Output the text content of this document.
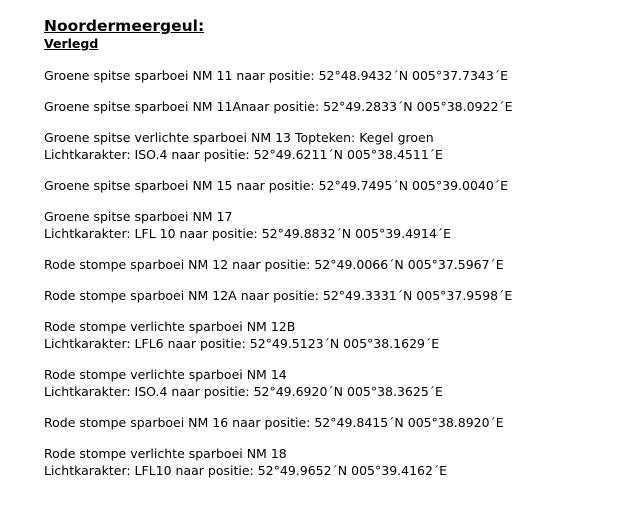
Noordermeergeul:
Verlegd
Groene spitse sparboei NM 11 naar positie: 52°48.9432´N 005°37.7343´E
Groene spitse sparboei NM 11Anaar positie: 52°49.2833´N 005°38.0922´E
Groene spitse verlichte sparboei NM 13 Topteken: Kegel groen
Lichtkarakter: ISO.4 naar positie: 52°49.6211´N 005°38.4511´E
Groene spitse sparboei NM 15 naar positie: 52°49.7495´N 005°39.0040´E
Groene spitse sparboei NM 17
Lichtkarakter: LFL 10 naar positie: 52°49.8832´N 005°39.4914´E
Rode stompe sparboei NM 12 naar positie: 52°49.0066´N 005°37.5967´E
Rode stompe sparboei NM 12A naar positie: 52°49.3331´N 005°37.9598´E
Rode stompe verlichte sparboei NM 12B
Lichtkarakter: LFL6 naar positie: 52°49.5123´N 005°38.1629´E
Rode stompe verlichte sparboei NM 14
Lichtkarakter: ISO.4 naar positie: 52°49.6920´N 005°38.3625´E
Rode stompe sparboei NM 16 naar positie: 52°49.8415´N 005°38.8920´E
Rode stompe verlichte sparboei NM 18
Lichtkarakter: LFL10 naar positie: 52°49.9652´N 005°39.4162´E
